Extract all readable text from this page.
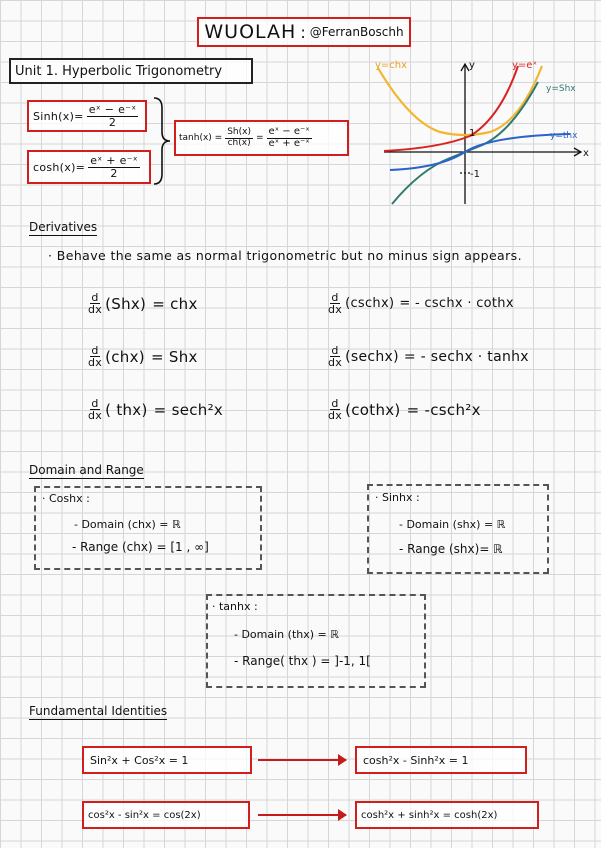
WUOLAH : @FerranBoschh
Unit 1. Hyperbolic Trigonometry
Sinh(x)= $\frac{\text{eˣ − e⁻ˣ}}{2}$
$\cosh(x)= \frac{\text{eˣ + e⁻ˣ}}{2}$
$\tanh(x) = \frac{Sh(x)}{ch(x)} = \frac{\text{eˣ − e⁻ˣ}}{\text{eˣ + e⁻ˣ}}$
y=chx	y=eˣ
y=Shx
y=thx
x
y
1
-1
Derivatives
· Behave the same as normal trigonometric but no minus sign appears.
$\frac{d}{dx} (Shx)$ = chx	$\frac{d}{dx}$ (cschx) = - cschx · cothx
$\frac{d}{dx} (chx)$ = Shx	$\frac{d}{dx}$ (sechx) = - sechx · tanhx
$\frac{d}{dx}$ ( thx) = sech²x	$\frac{d}{dx}$ (cothx) = -csch²x
Domain and Range
· Coshx :
- Domain (chx) = ℝ
- Range (chx) = [1 , ∞]
· Sinhx :
- Domain (shx) = ℝ
- Range (shx)= ℝ
· tanhx :
- Domain (thx) = ℝ
- Range( thx ) = ]-1, 1[
Fundamental Identities
Sin²x + Cos²x = 1	cosh²x - Sinh²x = 1
cos²x - sin²x = cos(2x)	cosh²x + sinh²x = cosh(2x)
